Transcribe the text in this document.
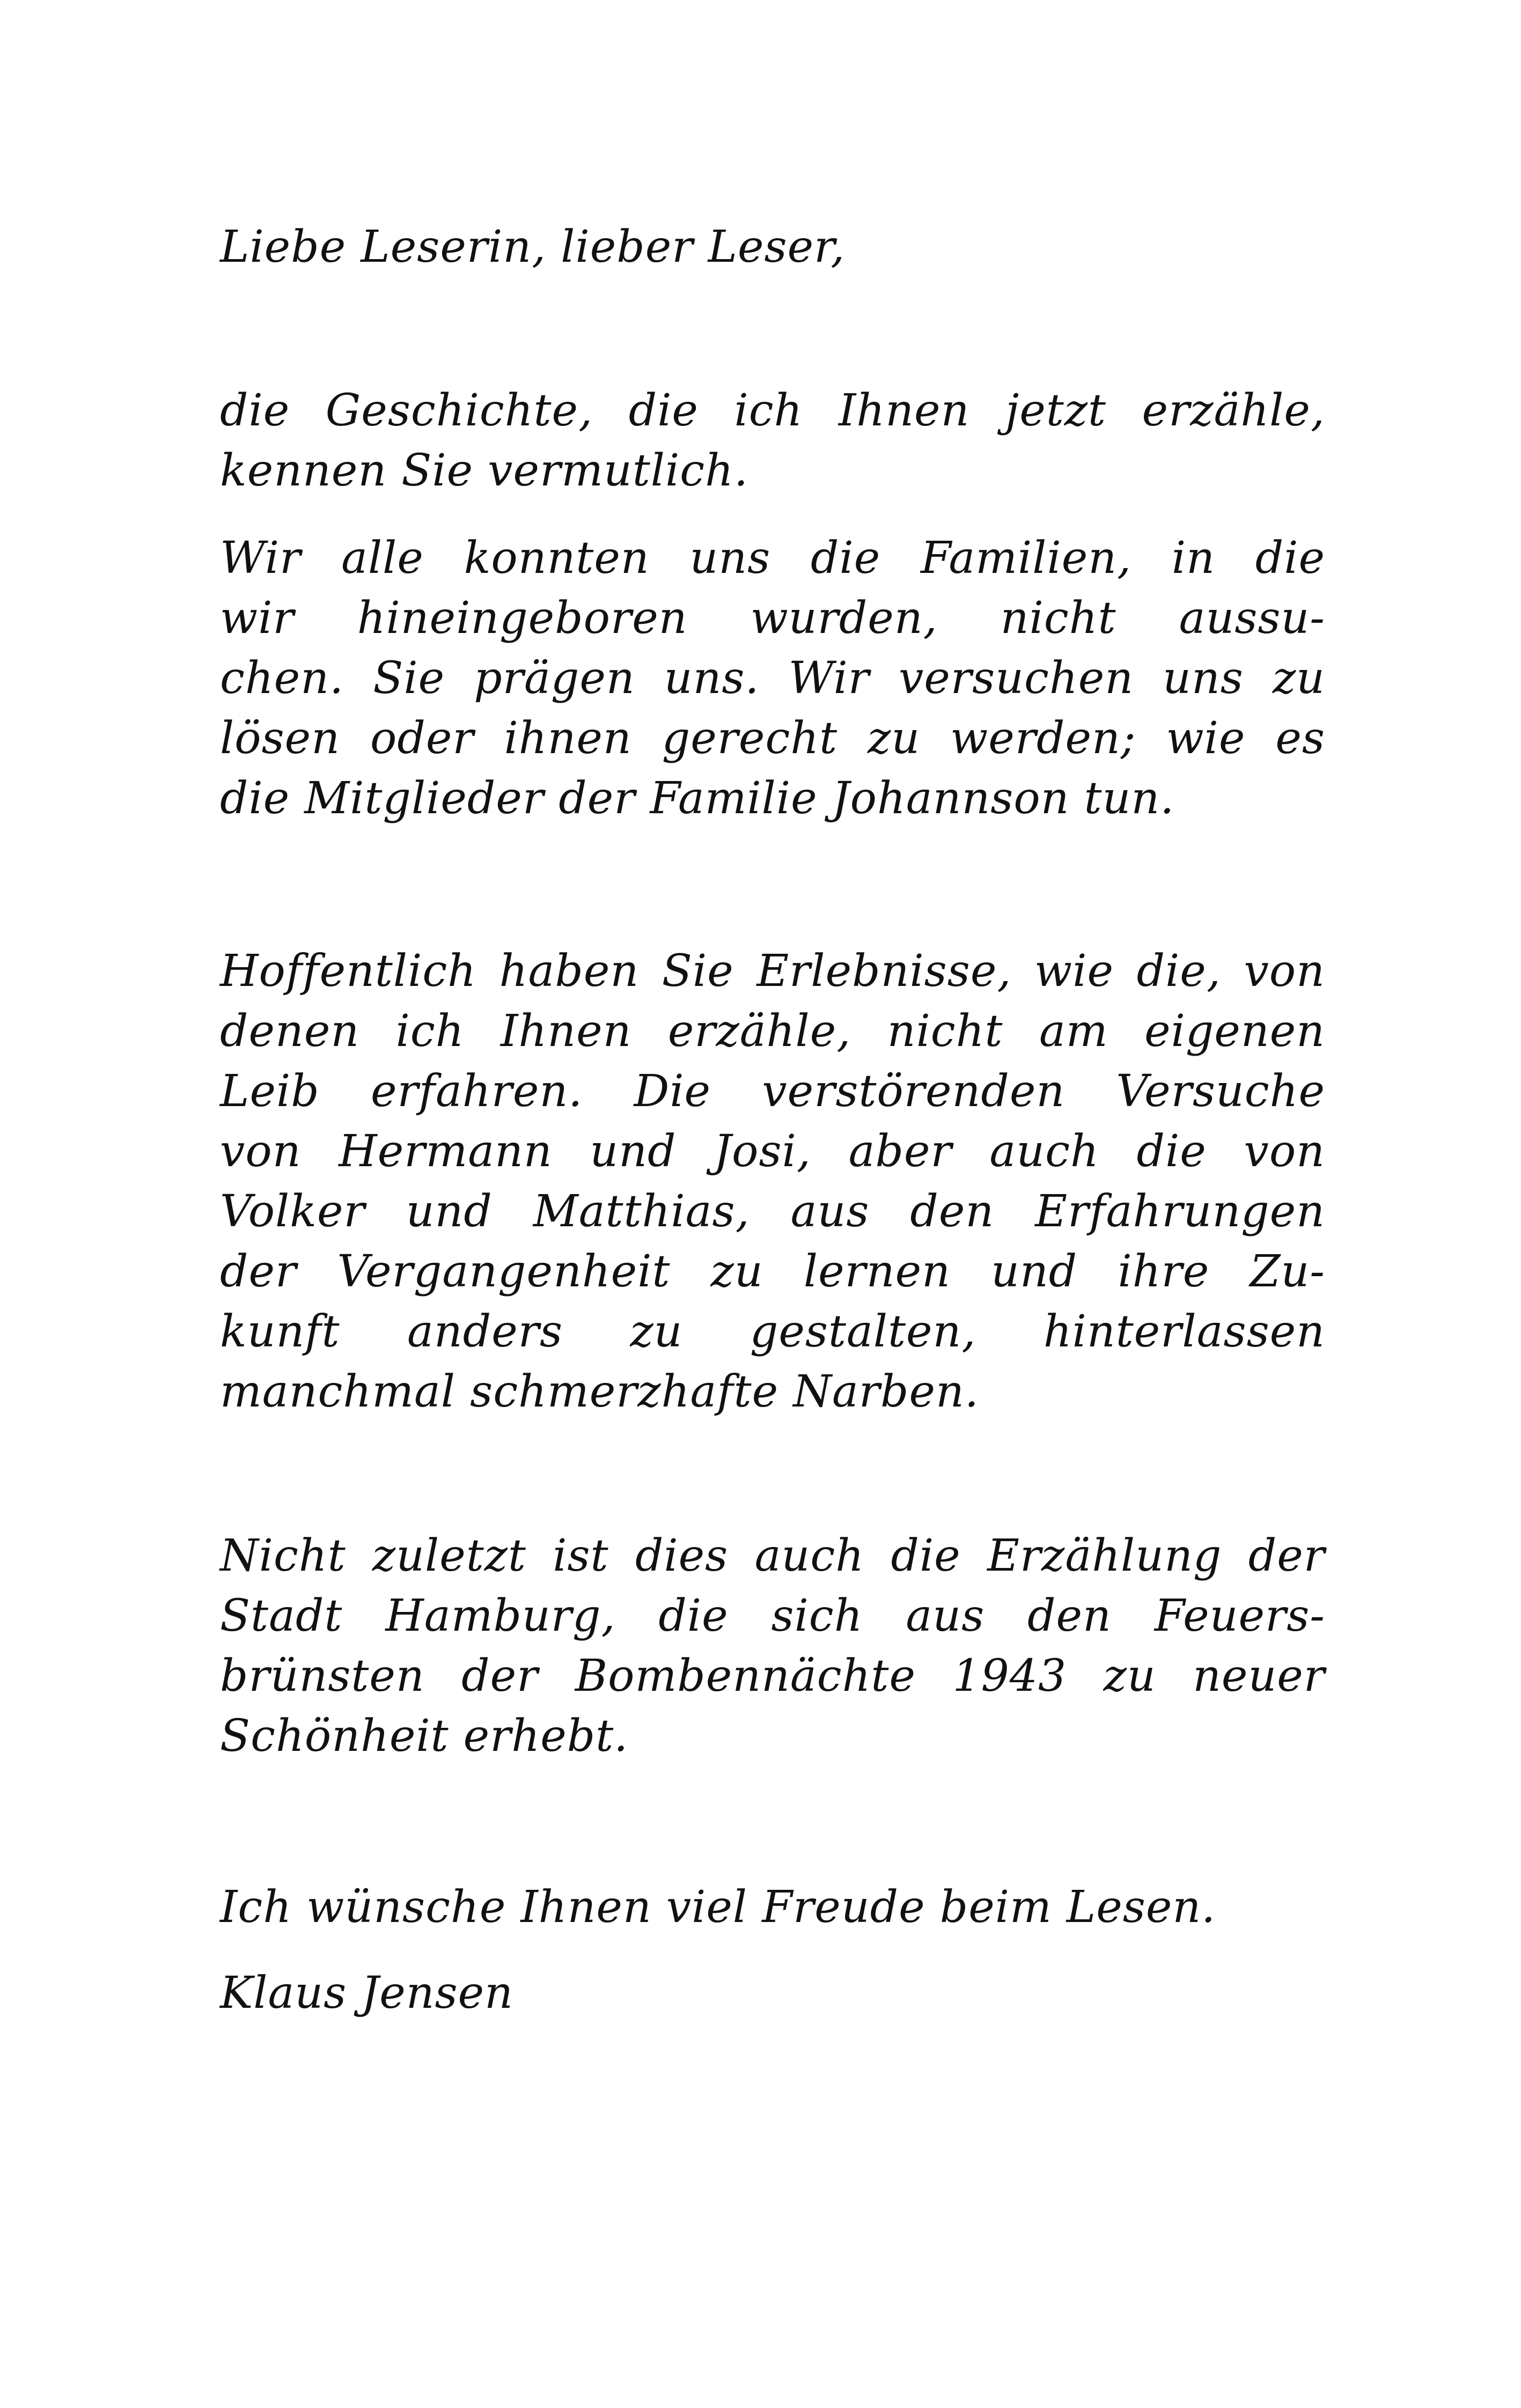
Liebe Leserin, lieber Leser,
die Geschichte, die ich Ihnen jetzt erzähle,
kennen Sie vermutlich.
Wir alle konnten uns die Familien, in die
wir hineingeboren wurden, nicht aussu-
chen. Sie prägen uns. Wir versuchen uns zu
lösen oder ihnen gerecht zu werden; wie es
die Mitglieder der Familie Johannson tun.
Hoffentlich haben Sie Erlebnisse, wie die, von
denen ich Ihnen erzähle, nicht am eigenen
Leib erfahren. Die verstörenden Versuche
von Hermann und Josi, aber auch die von
Volker und Matthias, aus den Erfahrungen
der Vergangenheit zu lernen und ihre Zu-
kunft anders zu gestalten, hinterlassen
manchmal schmerzhafte Narben.
Nicht zuletzt ist dies auch die Erzählung der
Stadt Hamburg, die sich aus den Feuers-
brünsten der Bombennächte 1943 zu neuer
Schönheit erhebt.
Ich wünsche Ihnen viel Freude beim Lesen.
Klaus Jensen
